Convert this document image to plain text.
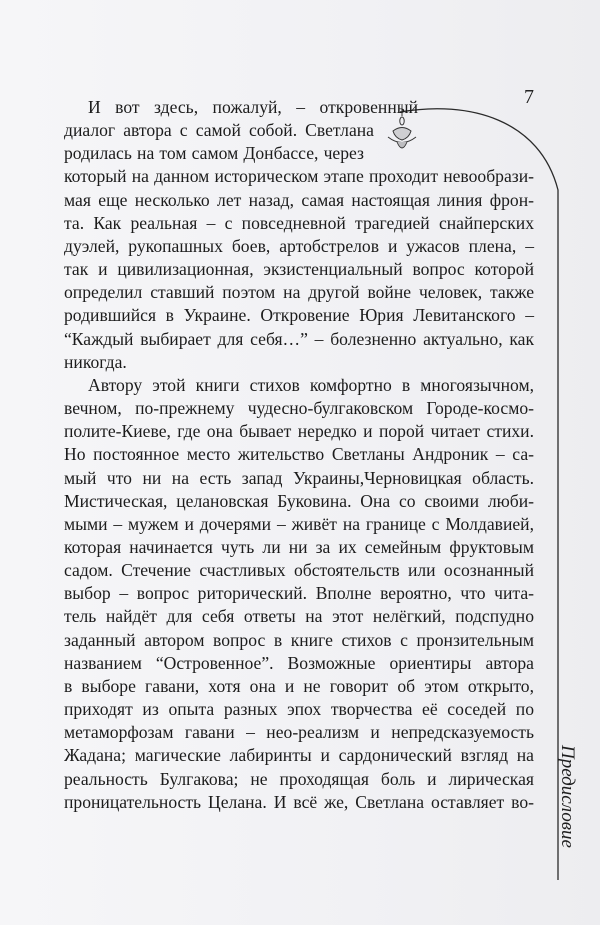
7
И вот здесь, пожалуй, – откровенный
диалог автора с самой собой. Светлана
родилась на том самом Донбассе, через
который на данном историческом этапе проходит невообрази-
мая еще несколько лет назад, самая настоящая линия фрон-
та. Как реальная – с повседневной трагедией снайперских
дуэлей, рукопашных боев, артобстрелов и ужасов плена, –
так и цивилизационная, экзистенциальный вопрос которой
определил ставший поэтом на другой войне человек, также
родившийся в Украине. Откровение Юрия Левитанского –
“Каждый выбирает для себя…” – болезненно актуально, как
никогда.
Автору этой книги стихов комфортно в многоязычном,
вечном, по-прежнему чудесно-булгаковском Городе-космо-
полите-Киеве, где она бывает нередко и порой читает стихи.
Но постоянное место жительство Светланы Андроник – са-
мый что ни на есть запад Украины,Черновицкая область.
Мистическая, целановская Буковина. Она со своими люби-
мыми – мужем и дочерями – живёт на границе с Молдавией,
которая начинается чуть ли ни за их семейным фруктовым
садом. Стечение счастливых обстоятельств или осознанный
выбор – вопрос риторический. Вполне вероятно, что чита-
тель найдёт для себя ответы на этот нелёгкий, подспудно
заданный автором вопрос в книге стихов с пронзительным
названием “Островенное”. Возможные ориентиры автора
в выборе гавани, хотя она и не говорит об этом открыто,
приходят из опыта разных эпох творчества её соседей по
метаморфозам гавани – нео-реализм и непредсказуемость
Жадана; магические лабиринты и сардонический взгляд на
реальность Булгакова; не проходящая боль и лирическая
проницательность Целана. И всё же, Светлана оставляет во- Предисловие
